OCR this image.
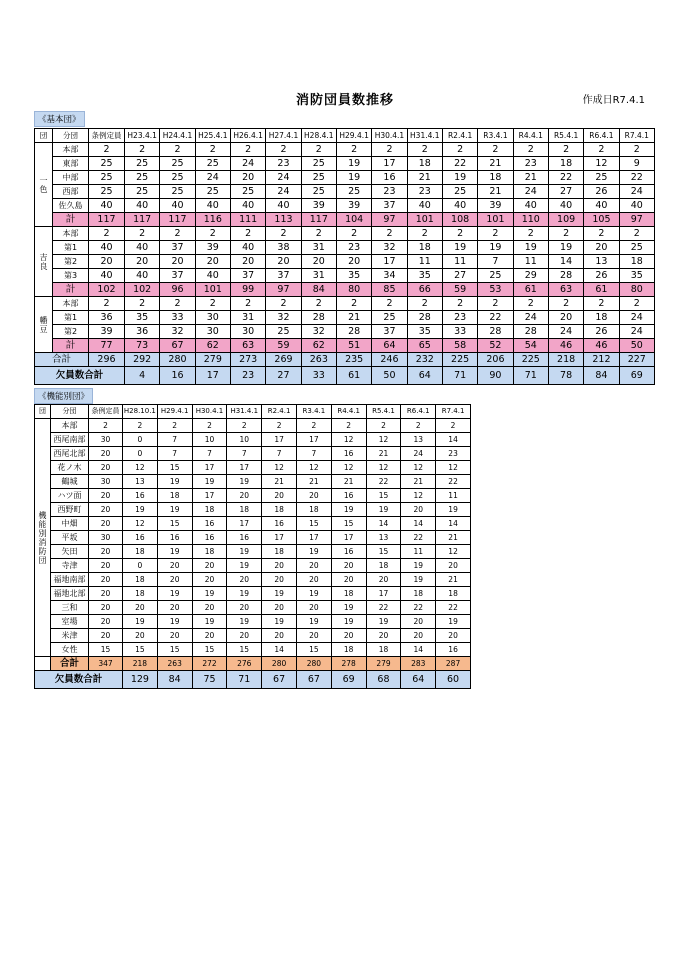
消防団員数推移	作成日R7.4.1
《基本団》
団	分団	条例定員	H23.4.1	H24.4.1	H25.4.1	H26.4.1	H27.4.1	H28.4.1	H29.4.1	H30.4.1	H31.4.1	R2.4.1	R3.4.1	R4.4.1	R5.4.1	R6.4.1	R7.4.1
一色	本部	2	2	2	2	2	2	2	2	2	2	2	2	2	2	2	2
	東部	25	25	25	25	24	23	25	19	17	18	22	21	23	18	12	9
	中部	25	25	25	24	20	24	25	19	16	21	19	18	21	22	25	22
	西部	25	25	25	25	25	24	25	25	23	23	25	21	24	27	26	24
	佐久島	40	40	40	40	40	40	39	39	37	40	40	39	40	40	40	40
	計	117	117	117	116	111	113	117	104	97	101	108	101	110	109	105	97
吉良	本部	2	2	2	2	2	2	2	2	2	2	2	2	2	2	2	2
	第1	40	40	37	39	40	38	31	23	32	18	19	19	19	19	20	25
	第2	20	20	20	20	20	20	20	20	17	11	11	7	11	14	13	18
	第3	40	40	37	40	37	37	31	35	34	35	27	25	29	28	26	35
	計	102	102	96	101	99	97	84	80	85	66	59	53	61	63	61	80
幡豆	本部	2	2	2	2	2	2	2	2	2	2	2	2	2	2	2	2
	第1	36	35	33	30	31	32	28	21	25	28	23	22	24	20	18	24
	第2	39	36	32	30	30	25	32	28	37	35	33	28	28	24	26	24
	計	77	73	67	62	63	59	62	51	64	65	58	52	54	46	46	50
合計		296	292	280	279	273	269	263	235	246	232	225	206	225	218	212	227
欠員数合計			4	16	17	23	27	33	61	50	64	71	90	71	78	84	69
《機能別団》
団	分団	条例定員	H28.10.1	H29.4.1	H30.4.1	H31.4.1	R2.4.1	R3.4.1	R4.4.1	R5.4.1	R6.4.1	R7.4.1
機能別消防団	本部	2	2	2	2	2	2	2	2	2	2	2
	西尾南部	30	0	7	10	10	17	17	12	12	13	14
	西尾北部	20	0	7	7	7	7	7	16	21	24	23
	花ノ木	20	12	15	17	17	12	12	12	12	12	12
	鶴城	30	13	19	19	19	21	21	21	22	21	22
	ハツ面	20	16	18	17	20	20	20	16	15	12	11
	西野町	20	19	19	18	18	18	18	19	19	20	19
	中畑	20	12	15	16	17	16	15	15	14	14	14
	平坂	30	16	16	16	16	17	17	17	13	22	21
	矢田	20	18	19	18	19	18	19	16	15	11	12
	寺津	20	0	20	20	19	20	20	20	18	19	20
	福地南部	20	18	20	20	20	20	20	20	20	19	21
	福地北部	20	18	19	19	19	19	19	18	17	18	18
	三和	20	20	20	20	20	20	20	19	22	22	22
	室場	20	19	19	19	19	19	19	19	19	20	19
	米津	20	20	20	20	20	20	20	20	20	20	20
	女性	15	15	15	15	15	14	15	18	18	14	16
	合計	347	218	263	272	276	280	280	278	279	283	287
欠員数合計			129	84	75	71	67	67	69	68	64	60
